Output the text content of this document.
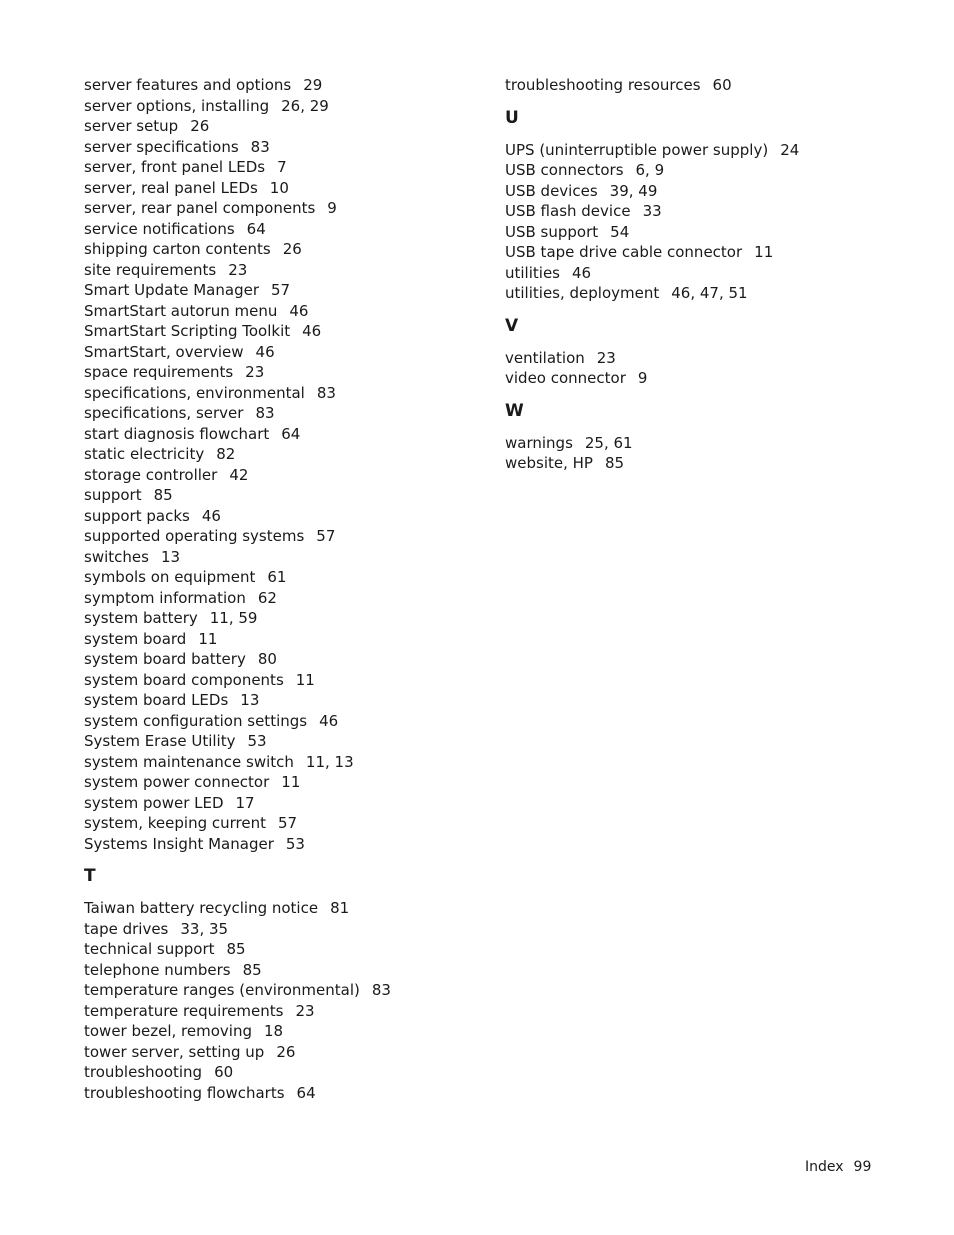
server features and options 29
server options, installing 26, 29
server setup 26
server specifications 83
server, front panel LEDs 7
server, real panel LEDs 10
server, rear panel components 9
service notifications 64
shipping carton contents 26
site requirements 23
Smart Update Manager 57
SmartStart autorun menu 46
SmartStart Scripting Toolkit 46
SmartStart, overview 46
space requirements 23
specifications, environmental 83
specifications, server 83
start diagnosis flowchart 64
static electricity 82
storage controller 42
support 85
support packs 46
supported operating systems 57
switches 13
symbols on equipment 61
symptom information 62
system battery 11, 59
system board 11
system board battery 80
system board components 11
system board LEDs 13
system configuration settings 46
System Erase Utility 53
system maintenance switch 11, 13
system power connector 11
system power LED 17
system, keeping current 57
Systems Insight Manager 53
T
Taiwan battery recycling notice 81
tape drives 33, 35
technical support 85
telephone numbers 85
temperature ranges (environmental) 83
temperature requirements 23
tower bezel, removing 18
tower server, setting up 26
troubleshooting 60
troubleshooting flowcharts 64
troubleshooting resources 60
U
UPS (uninterruptible power supply) 24
USB connectors 6, 9
USB devices 39, 49
USB flash device 33
USB support 54
USB tape drive cable connector 11
utilities 46
utilities, deployment 46, 47, 51
V
ventilation 23
video connector 9
W
warnings 25, 61
website, HP 85
Index 99
